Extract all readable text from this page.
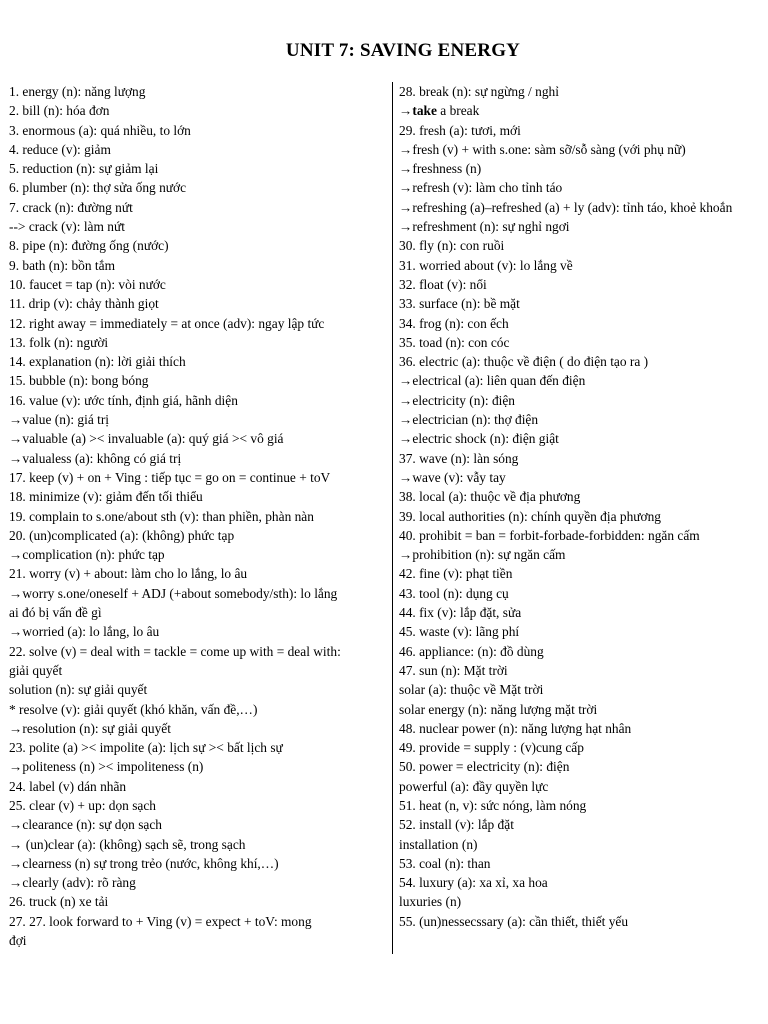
UNIT 7: SAVING ENERGY
1. energy (n): năng lượng
2. bill (n): hóa đơn
3. enormous (a): quá nhiều, to lớn
4. reduce (v): giảm
5. reduction (n): sự giảm lại
6. plumber (n): thợ sửa ống nước
7. crack (n): đường nứt
--> crack (v): làm nứt
8. pipe (n): đường ống (nước)
9. bath (n): bồn tắm
10. faucet = tap (n): vòi nước
11. drip (v): chảy thành giọt
12. right away = immediately = at once (adv): ngay lập tức
13. folk (n): người
14. explanation (n): lời giải thích
15. bubble (n): bong bóng
16. value (v): ước tính, định giá, hãnh diện
→value (n): giá trị
→valuable (a) >< invaluable (a): quý giá >< vô giá
→valualess (a): không có giá trị
17. keep (v) + on + Ving : tiếp tục = go on = continue + toV
18. minimize (v): giảm đến tối thiểu
19. complain to s.one/about sth (v): than phiền, phàn nàn
20. (un)complicated (a): (không) phức tạp
→complication (n): phức tạp
21. worry (v) + about: làm cho lo lắng, lo âu
→worry s.one/oneself + ADJ (+about somebody/sth): lo lắng
ai đó bị vấn đề gì
→worried (a): lo lắng, lo âu
22. solve (v) = deal with = tackle = come up with = deal with:
giải quyết
solution (n): sự giải quyết
* resolve (v): giải quyết (khó khăn, vấn đề,…)
→resolution (n): sự giải quyết
23. polite (a) >< impolite (a): lịch sự >< bất lịch sự
→politeness (n) >< impoliteness (n)
24. label (v) dán nhãn
25. clear (v) + up: dọn sạch
→clearance (n): sự dọn sạch
→ (un)clear (a): (không) sạch sẽ, trong sạch
→clearness (n) sự trong trẻo (nước, không khí,…)
→clearly (adv): rõ ràng
26. truck (n) xe tải
27. 27. look forward to + Ving (v) = expect + toV: mong
đợi
28. break (n): sự ngừng / nghỉ
→take a break
29. fresh (a): tươi, mới
→fresh (v) + with s.one: sàm sỡ/sỗ sàng (với phụ nữ)
→freshness (n)
→refresh (v): làm cho tỉnh táo
→refreshing (a)–refreshed (a) + ly (adv): tỉnh táo, khoẻ khoắn
→refreshment (n): sự nghỉ ngơi
30. fly (n): con ruồi
31. worried about (v): lo lắng về
32. float (v): nổi
33. surface (n): bề mặt
34. frog (n): con ếch
35. toad (n): con cóc
36. electric (a): thuộc về điện ( do điện tạo ra )
→electrical (a): liên quan đến điện
→electricity (n): điện
→electrician (n): thợ điện
→electric shock (n): điện giật
37. wave (n): làn sóng
→wave (v): vẫy tay
38. local (a): thuộc về địa phương
39. local authorities (n): chính quyền địa phương
40. prohibit = ban = forbit-forbade-forbidden: ngăn cấm
→prohibition (n): sự ngăn cấm
42. fine (v): phạt tiền
43. tool (n): dụng cụ
44. fix (v): lắp đặt, sửa
45. waste (v): lãng phí
46. appliance: (n): đồ dùng
47. sun (n): Mặt trời
solar (a): thuộc về Mặt trời
solar energy (n): năng lượng mặt trời
48. nuclear power (n): năng lượng hạt nhân
49. provide = supply : (v)cung cấp
50. power = electricity (n): điện
powerful (a): đầy quyền lực
51. heat (n, v): sức nóng, làm nóng
52. install (v): lắp đặt
installation (n)
53. coal (n): than
54. luxury (a): xa xỉ, xa hoa
luxuries (n)
55. (un)nessecssary (a): cần thiết, thiết yếu
